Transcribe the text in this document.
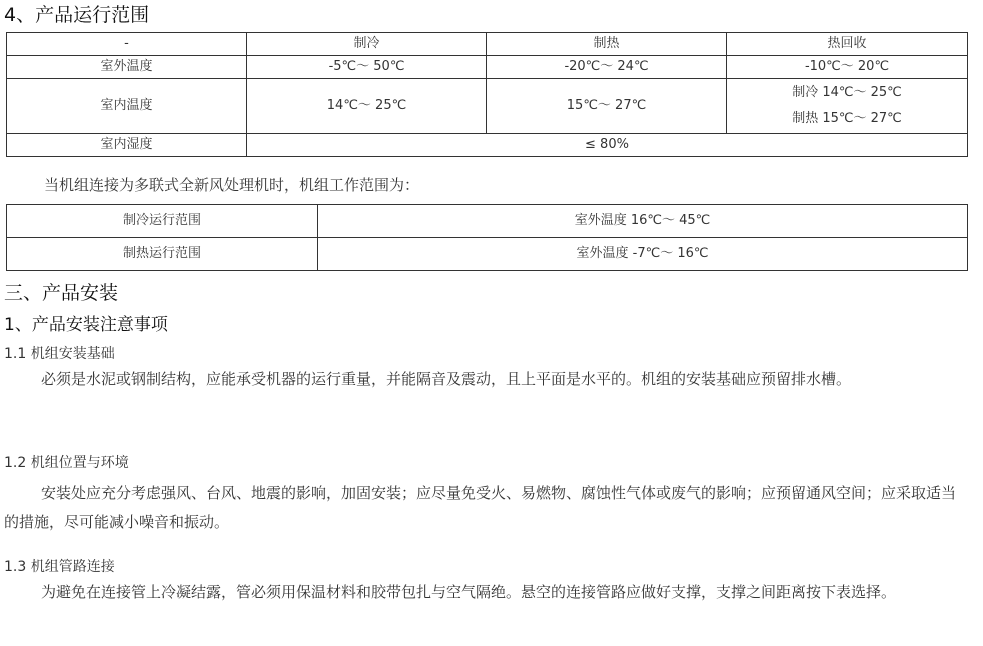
4、产品运行范围
-	制冷	制热	热回收
室外温度	-5℃～ 50℃	-20℃～ 24℃	-10℃～ 20℃
室内温度	14℃～ 25℃	15℃～ 27℃	制冷 14℃～ 25℃
制热 15℃～ 27℃

室内湿度	≤ 80%		
当机组连接为多联式全新风处理机时，机组工作范围为：
制冷运行范围	室外温度 16℃～ 45℃
制热运行范围	室外温度 -7℃～ 16℃
三、产品安装
1、产品安装注意事项
1.1 机组安装基础

必须是水泥或钢制结构，应能承受机器的运行重量，并能隔音及震动，且上平面是水平的。机组的安装基础应预留排水槽。

1.2 机组位置与环境

安装处应充分考虑强风、台风、地震的影响，加固安装；应尽量免受火、易燃物、腐蚀性气体或废气的影响；应预留通风空间；应采取适当的措施，尽可能减小噪音和振动。

1.3 机组管路连接

为避免在连接管上冷凝结露，管必须用保温材料和胶带包扎与空气隔绝。悬空的连接管路应做好支撑，支撑之间距离按下表选择。
